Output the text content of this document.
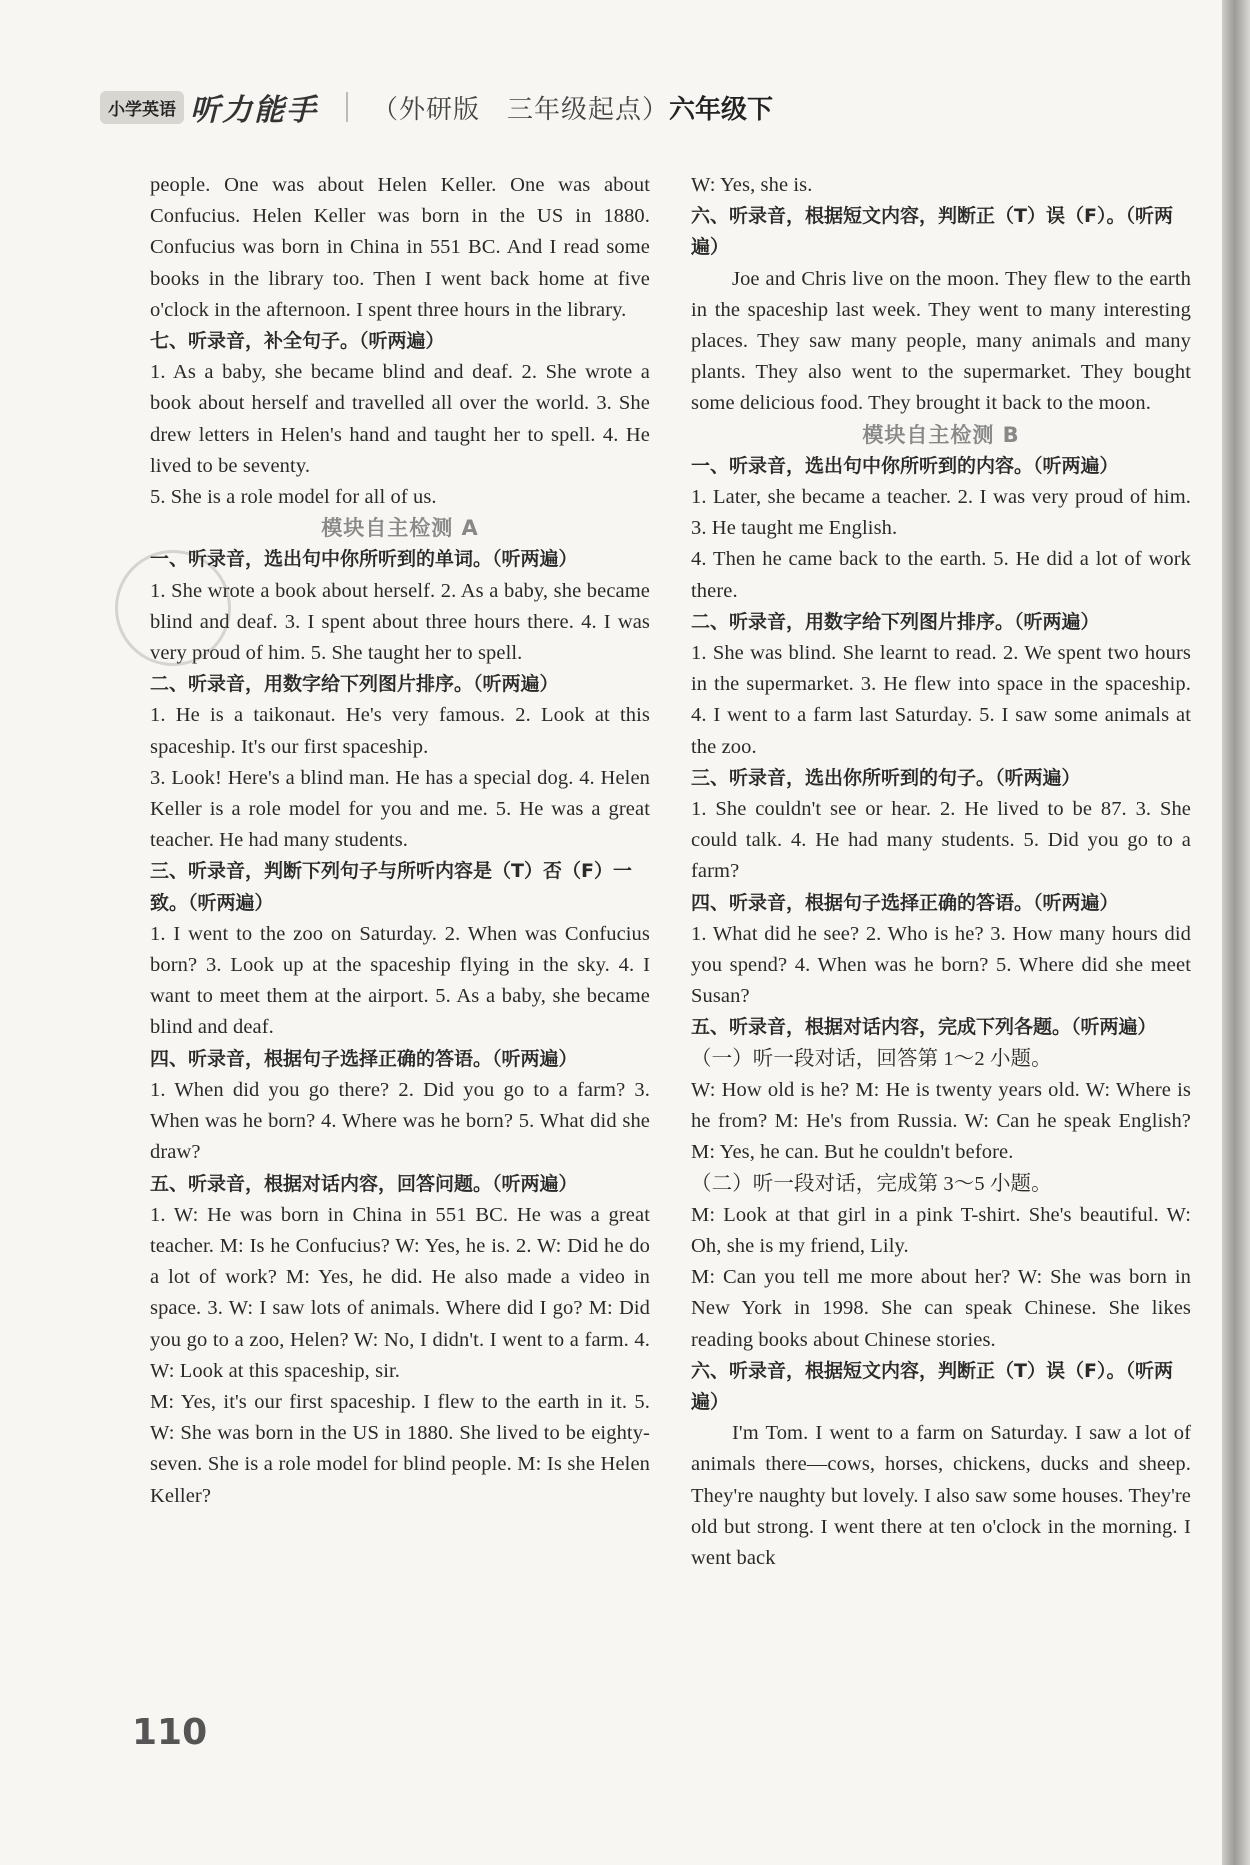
小学英语 听力能手 （外研版　三年级起点） 六年级下

people. One was about Helen Keller. One was about Confucius. Helen Keller was born in the US in 1880. Confucius was born in China in 551 BC. And I read some books in the library too. Then I went back home at five o'clock in the afternoon. I spent three hours in the library.

七、听录音，补全句子。（听两遍）

1. As a baby, she became blind and deaf. 2. She wrote a book about herself and travelled all over the world. 3. She drew letters in Helen's hand and taught her to spell. 4. He lived to be seventy.

5. She is a role model for all of us.

模块自主检测 A

一、听录音，选出句中你所听到的单词。（听两遍）

1. She wrote a book about herself. 2. As a baby, she became blind and deaf. 3. I spent about three hours there. 4. I was very proud of him. 5. She taught her to spell.

二、听录音，用数字给下列图片排序。（听两遍）

1. He is a taikonaut. He's very famous. 2. Look at this spaceship. It's our first spaceship.

3. Look! Here's a blind man. He has a special dog. 4. Helen Keller is a role model for you and me. 5. He was a great teacher. He had many students.

三、听录音，判断下列句子与所听内容是（T）否（F）一致。（听两遍）

1. I went to the zoo on Saturday. 2. When was Confucius born? 3. Look up at the spaceship flying in the sky. 4. I want to meet them at the airport. 5. As a baby, she became blind and deaf.

四、听录音，根据句子选择正确的答语。（听两遍）

1. When did you go there? 2. Did you go to a farm? 3. When was he born? 4. Where was he born? 5. What did she draw?

五、听录音，根据对话内容，回答问题。（听两遍）

1. W: He was born in China in 551 BC. He was a great teacher. M: Is he Confucius? W: Yes, he is. 2. W: Did he do a lot of work? M: Yes, he did. He also made a video in space. 3. W: I saw lots of animals. Where did I go? M: Did you go to a zoo, Helen? W: No, I didn't. I went to a farm. 4. W: Look at this spaceship, sir.

M: Yes, it's our first spaceship. I flew to the earth in it. 5. W: She was born in the US in 1880. She lived to be eighty-seven. She is a role model for blind people. M: Is she Helen Keller?

W: Yes, she is.

六、听录音，根据短文内容，判断正（T）误（F）。（听两遍）

Joe and Chris live on the moon. They flew to the earth in the spaceship last week. They went to many interesting places. They saw many people, many animals and many plants. They also went to the supermarket. They bought some delicious food. They brought it back to the moon.

模块自主检测 B

一、听录音，选出句中你所听到的内容。（听两遍）

1. Later, she became a teacher. 2. I was very proud of him. 3. He taught me English.

4. Then he came back to the earth. 5. He did a lot of work there.

二、听录音，用数字给下列图片排序。（听两遍）

1. She was blind. She learnt to read. 2. We spent two hours in the supermarket. 3. He flew into space in the spaceship. 4. I went to a farm last Saturday. 5. I saw some animals at the zoo.

三、听录音，选出你所听到的句子。（听两遍）

1. She couldn't see or hear. 2. He lived to be 87. 3. She could talk. 4. He had many students. 5. Did you go to a farm?

四、听录音，根据句子选择正确的答语。（听两遍）

1. What did he see? 2. Who is he? 3. How many hours did you spend? 4. When was he born? 5. Where did she meet Susan?

五、听录音，根据对话内容，完成下列各题。（听两遍）

（一）听一段对话，回答第 1～2 小题。

W: How old is he? M: He is twenty years old. W: Where is he from? M: He's from Russia. W: Can he speak English? M: Yes, he can. But he couldn't before.

（二）听一段对话，完成第 3～5 小题。

M: Look at that girl in a pink T-shirt. She's beautiful. W: Oh, she is my friend, Lily.

M: Can you tell me more about her? W: She was born in New York in 1998. She can speak Chinese. She likes reading books about Chinese stories.

六、听录音，根据短文内容，判断正（T）误（F）。（听两遍）

I'm Tom. I went to a farm on Saturday. I saw a lot of animals there—cows, horses, chickens, ducks and sheep. They're naughty but lovely. I also saw some houses. They're old but strong. I went there at ten o'clock in the morning. I went back

110
